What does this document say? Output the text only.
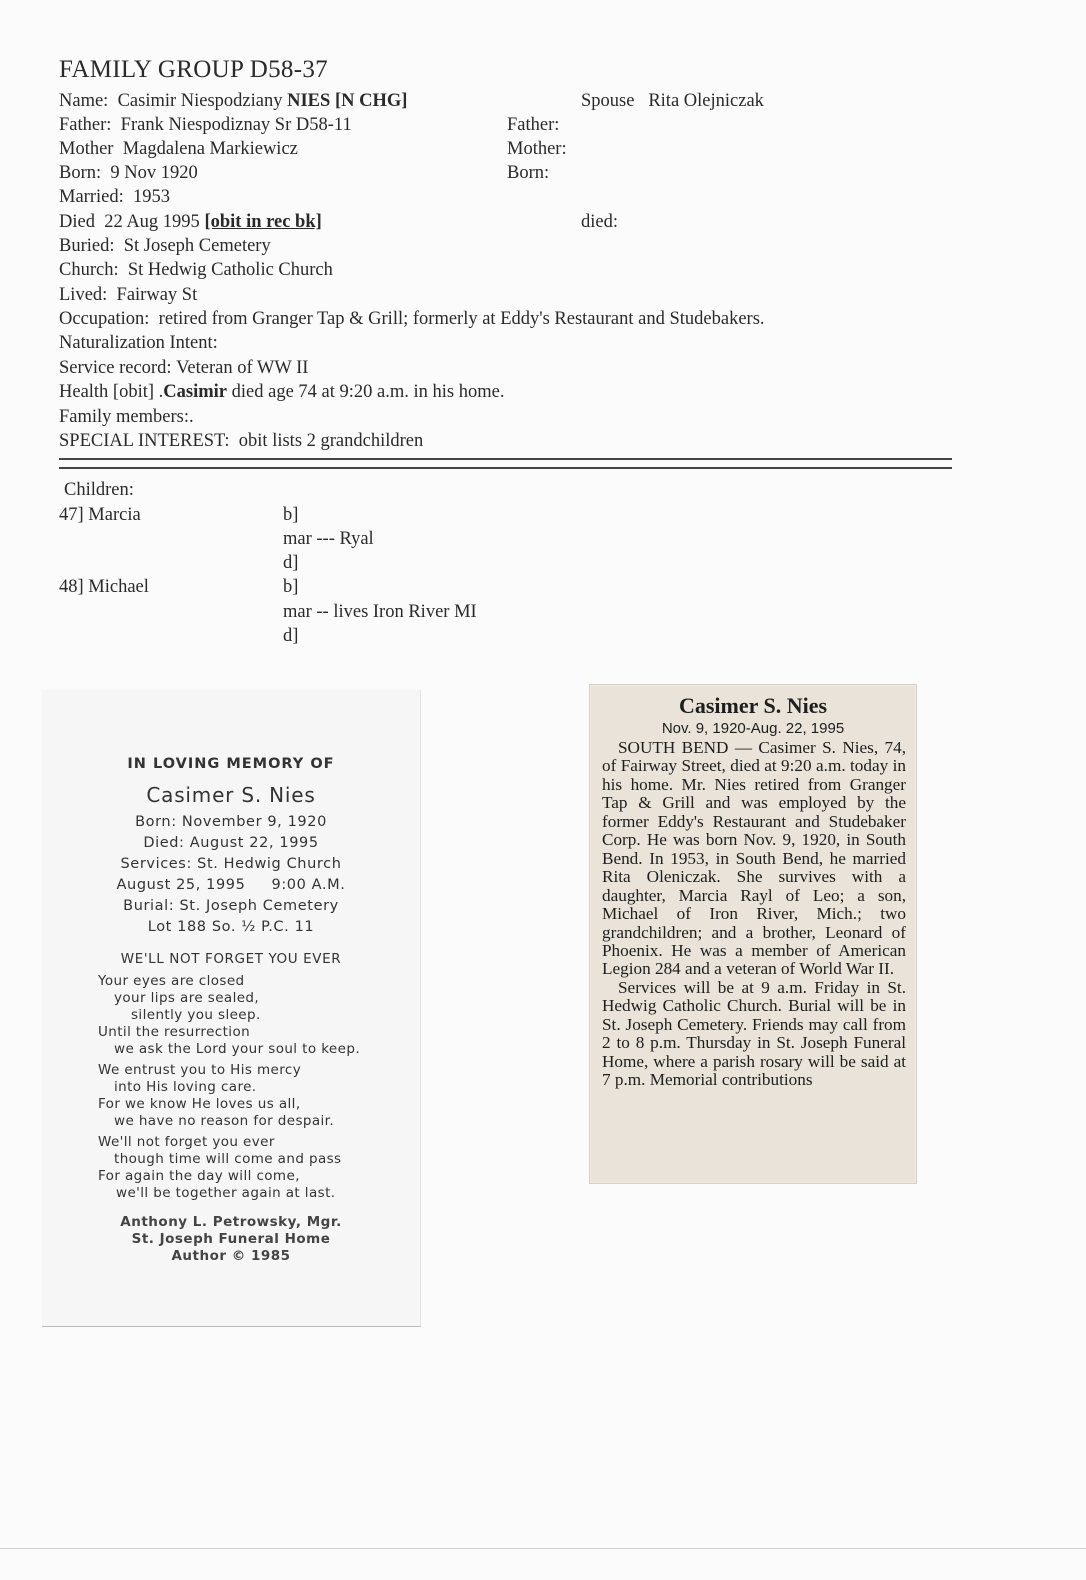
FAMILY GROUP D58-37
Name: Casimir Niespodziany NIES [N CHG]
Father: Frank Niespodiznay Sr D58-11
Mother Magdalena Markiewicz
Born: 9 Nov 1920
Married: 1953
Died 22 Aug 1995 [obit in rec bk]
Buried: St Joseph Cemetery
Church: St Hedwig Catholic Church
Lived: Fairway St
Occupation: retired from Granger Tap & Grill; formerly at Eddy's Restaurant and Studebakers.
Naturalization Intent:
Service record: Veteran of WW II
Health [obit] .Casimir died age 74 at 9:20 a.m. in his home.
Family members:.
SPECIAL INTEREST: obit lists 2 grandchildren
Spouse Rita Olejniczak
Father:
Mother:
Born:
died:
Children:
47] Marcia	b]
mar --- Ryal
d]
48] Michael	b]
mar -- lives Iron River MI
d]
IN LOVING MEMORY OF
Casimer S. Nies
Born: November 9, 1920
Died: August 22, 1995
Services: St. Hedwig Church
August 25, 1995     9:00 A.M.
Burial: St. Joseph Cemetery
Lot 188 So. ½ P.C. 11
WE'LL NOT FORGET YOU EVER
Your eyes are closed
your lips are sealed,
silently you sleep.
Until the resurrection
we ask the Lord your soul to keep.
We entrust you to His mercy
into His loving care.
For we know He loves us all,
we have no reason for despair.
We'll not forget you ever
though time will come and pass
For again the day will come,
we'll be together again at last.
Anthony L. Petrowsky, Mgr.
St. Joseph Funeral Home
Author © 1985
Casimer S. Nies
Nov. 9, 1920-Aug. 22, 1995

SOUTH BEND — Casimer S. Nies, 74, of Fairway Street, died at 9:20 a.m. today in his home. Mr. Nies retired from Granger Tap & Grill and was employed by the former Eddy's Restaurant and Studebaker Corp. He was born Nov. 9, 1920, in South Bend. In 1953, in South Bend, he married Rita Oleniczak. She survives with a daughter, Marcia Rayl of Leo; a son, Michael of Iron River, Mich.; two grandchildren; and a brother, Leonard of Phoenix. He was a member of American Legion 284 and a veteran of World War II.

Services will be at 9 a.m. Friday in St. Hedwig Catholic Church. Burial will be in St. Joseph Cemetery. Friends may call from 2 to 8 p.m. Thursday in St. Joseph Funeral Home, where a parish rosary will be said at 7 p.m. Memorial contributions
